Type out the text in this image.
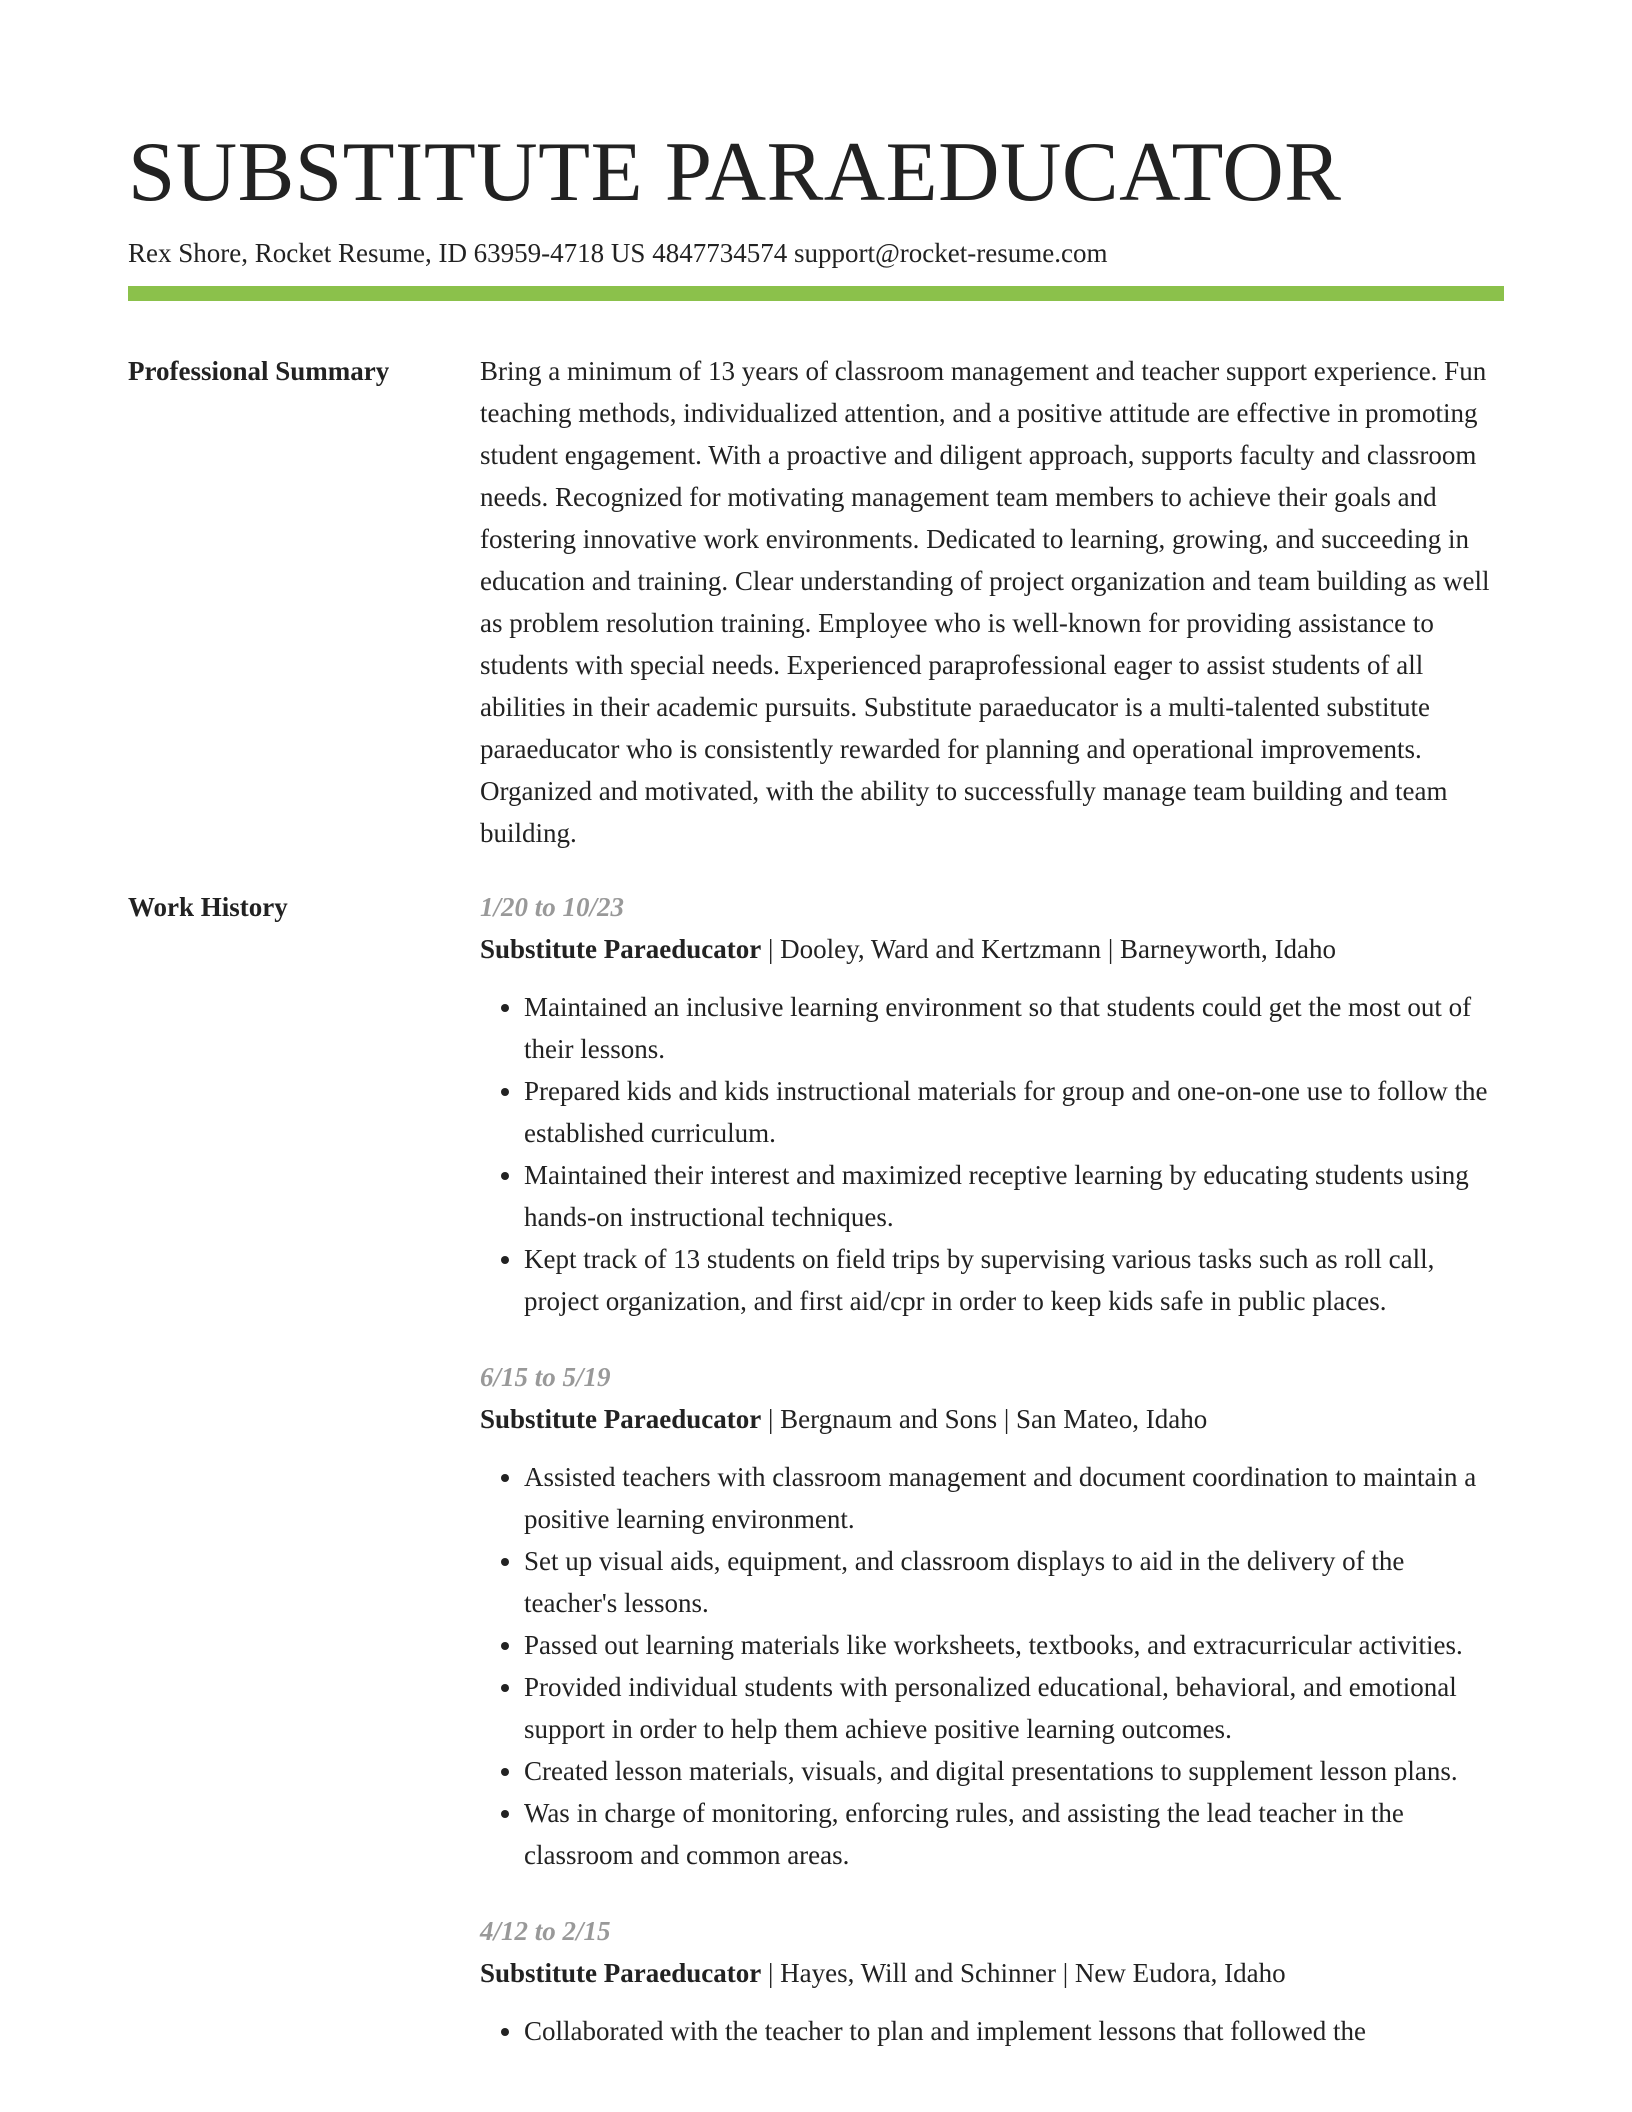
SUBSTITUTE PARAEDUCATOR
Rex Shore, Rocket Resume, ID 63959-4718 US 4847734574 support@rocket-resume.com
Professional Summary	Bring a minimum of 13 years of classroom management and teacher support experience. Fun teaching methods, individualized attention, and a positive attitude are effective in promoting student engagement. With a proactive and diligent approach, supports faculty and classroom needs. Recognized for motivating management team members to achieve their goals and fostering innovative work environments. Dedicated to learning, growing, and succeeding in education and training. Clear understanding of project organization and team building as well as problem resolution training. Employee who is well-known for providing assistance to students with special needs. Experienced paraprofessional eager to assist students of all abilities in their academic pursuits. Substitute paraeducator is a multi-talented substitute paraeducator who is consistently rewarded for planning and operational improvements. Organized and motivated, with the ability to successfully manage team building and team building.

Work History	1/20 to 10/23
Substitute Paraeducator | Dooley, Ward and Kertzmann | Barneyworth, Idaho
• Maintained an inclusive learning environment so that students could get the most out of their lessons.
• Prepared kids and kids instructional materials for group and one-on-one use to follow the established curriculum.
• Maintained their interest and maximized receptive learning by educating students using hands-on instructional techniques.
• Kept track of 13 students on field trips by supervising various tasks such as roll call, project organization, and first aid/cpr in order to keep kids safe in public places.
6/15 to 5/19
Substitute Paraeducator | Bergnaum and Sons | San Mateo, Idaho
• Assisted teachers with classroom management and document coordination to maintain a positive learning environment.
• Set up visual aids, equipment, and classroom displays to aid in the delivery of the teacher's lessons.
• Passed out learning materials like worksheets, textbooks, and extracurricular activities.
• Provided individual students with personalized educational, behavioral, and emotional support in order to help them achieve positive learning outcomes.
• Created lesson materials, visuals, and digital presentations to supplement lesson plans.
• Was in charge of monitoring, enforcing rules, and assisting the lead teacher in the classroom and common areas.
4/12 to 2/15
Substitute Paraeducator | Hayes, Will and Schinner | New Eudora, Idaho
• Collaborated with the teacher to plan and implement lessons that followed the
